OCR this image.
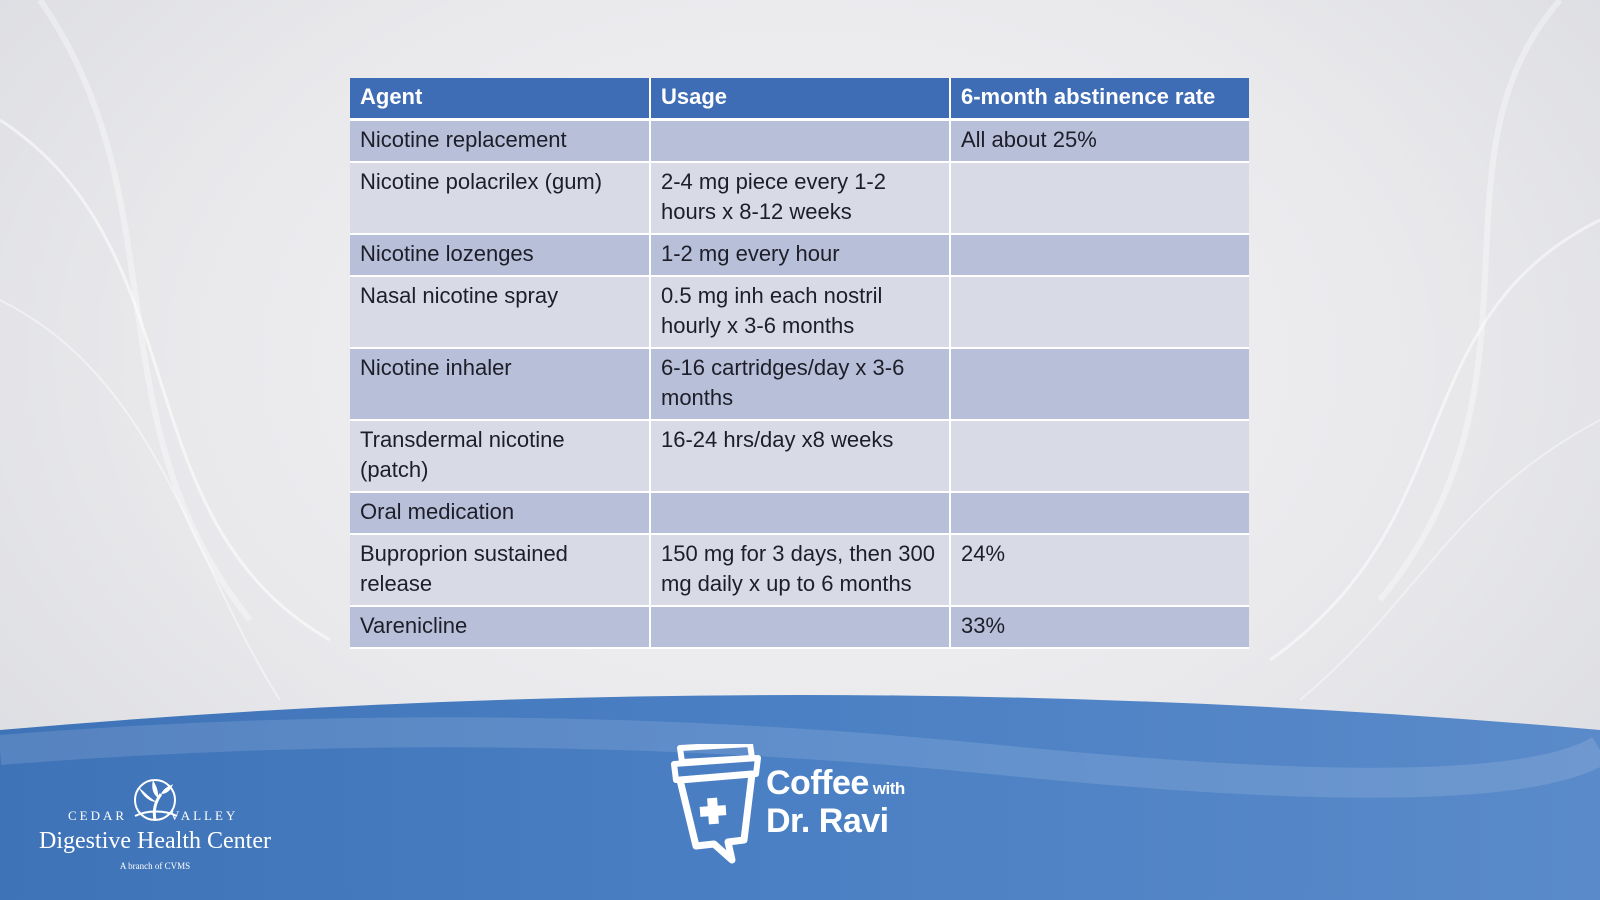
Agent	Usage	6-month abstinence rate
Nicotine replacement		All about 25%
Nicotine polacrilex (gum)	2-4 mg piece every 1-2 hours x 8-12 weeks	
Nicotine lozenges	1-2 mg every hour	
Nasal nicotine spray	0.5 mg inh each nostril hourly x 3-6 months	
Nicotine inhaler	6-16 cartridges/day x 3-6 months	
Transdermal nicotine (patch)	16-24 hrs/day x8 weeks	
Oral medication		
Buproprion sustained release	150 mg for 3 days, then 300 mg daily x up to 6 months	24%
Varenicline		33%
CEDAR	VALLEY
Digestive Health Center
A branch of CVMS
Coffee with
Dr. Ravi
